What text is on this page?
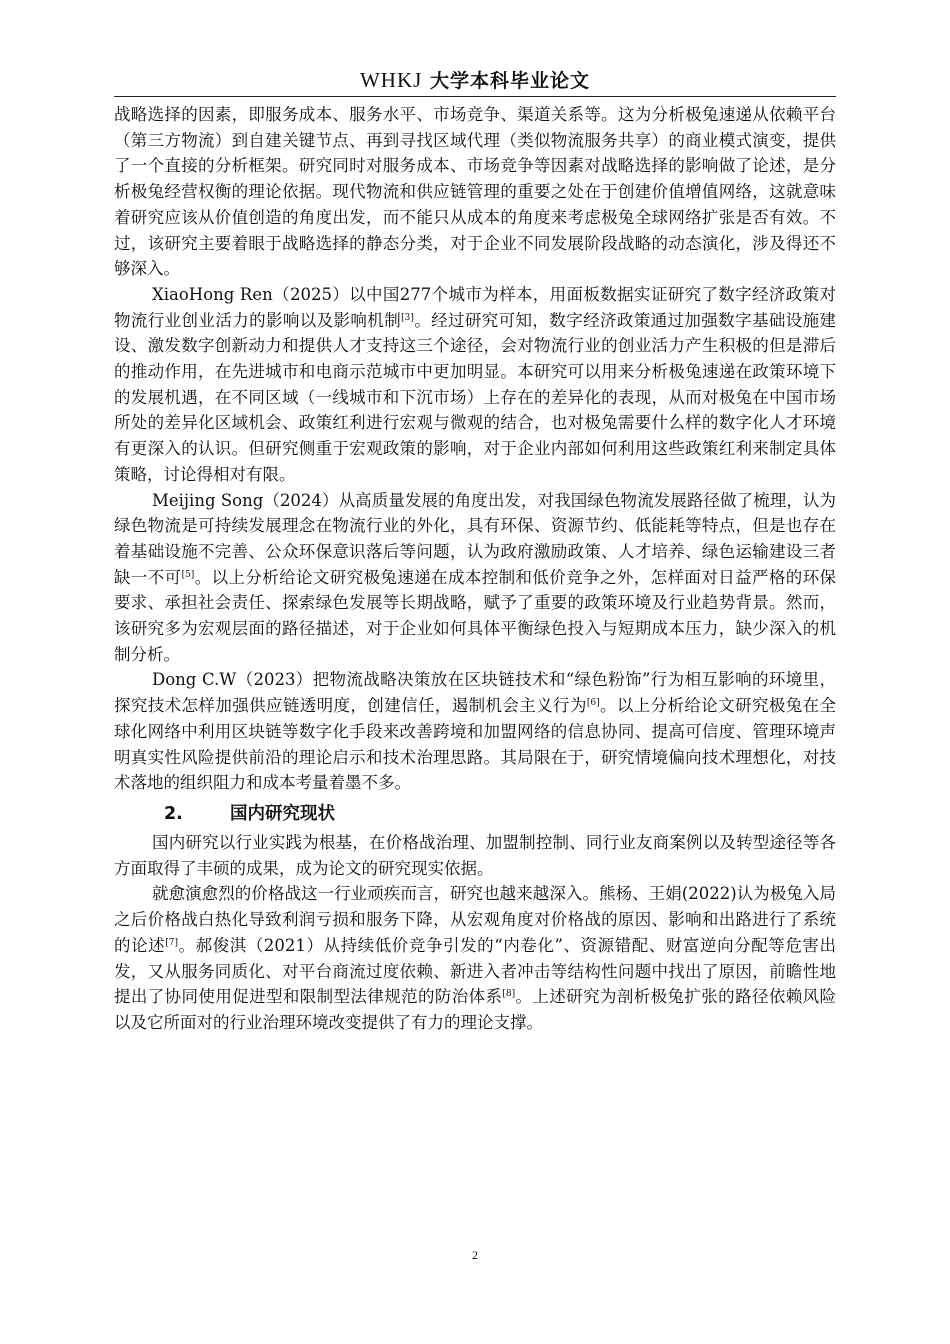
WHKJ 大学本科毕业论文

战略选择的因素，即服务成本、服务水平、市场竞争、渠道关系等。这为分析极兔速递从依赖平台（第三方物流）到自建关键节点、再到寻找区域代理（类似物流服务共享）的商业模式演变，提供了一个直接的分析框架。研究同时对服务成本、市场竞争等因素对战略选择的影响做了论述，是分析极兔经营权衡的理论依据。现代物流和供应链管理的重要之处在于创建价值增值网络，这就意味着研究应该从价值创造的角度出发，而不能只从成本的角度来考虑极兔全球网络扩张是否有效。不过，该研究主要着眼于战略选择的静态分类，对于企业不同发展阶段战略的动态演化，涉及得还不够深入。

XiaoHong Ren（2025）以中国277个城市为样本，用面板数据实证研究了数字经济政策对物流行业创业活力的影响以及影响机制[3]。经过研究可知，数字经济政策通过加强数字基础设施建设、激发数字创新动力和提供人才支持这三个途径，会对物流行业的创业活力产生积极的但是滞后的推动作用，在先进城市和电商示范城市中更加明显。本研究可以用来分析极兔速递在政策环境下的发展机遇，在不同区域（一线城市和下沉市场）上存在的差异化的表现，从而对极兔在中国市场所处的差异化区域机会、政策红利进行宏观与微观的结合，也对极兔需要什么样的数字化人才环境有更深入的认识。但研究侧重于宏观政策的影响，对于企业内部如何利用这些政策红利来制定具体策略，讨论得相对有限。

Meijing Song（2024）从高质量发展的角度出发，对我国绿色物流发展路径做了梳理，认为绿色物流是可持续发展理念在物流行业的外化，具有环保、资源节约、低能耗等特点，但是也存在着基础设施不完善、公众环保意识落后等问题，认为政府激励政策、人才培养、绿色运输建设三者缺一不可[5]。以上分析给论文研究极兔速递在成本控制和低价竞争之外，怎样面对日益严格的环保要求、承担社会责任、探索绿色发展等长期战略，赋予了重要的政策环境及行业趋势背景。然而，该研究多为宏观层面的路径描述，对于企业如何具体平衡绿色投入与短期成本压力，缺少深入的机制分析。

Dong C.W（2023）把物流战略决策放在区块链技术和“绿色粉饰”行为相互影响的环境里，探究技术怎样加强供应链透明度，创建信任，遏制机会主义行为[6]。以上分析给论文研究极兔在全球化网络中利用区块链等数字化手段来改善跨境和加盟网络的信息协同、提高可信度、管理环境声明真实性风险提供前沿的理论启示和技术治理思路。其局限在于，研究情境偏向技术理想化，对技术落地的组织阻力和成本考量着墨不多。

2.	国内研究现状

国内研究以行业实践为根基，在价格战治理、加盟制控制、同行业友商案例以及转型途径等各方面取得了丰硕的成果，成为论文的研究现实依据。

就愈演愈烈的价格战这一行业顽疾而言，研究也越来越深入。熊杨、王娟(2022)认为极兔入局之后价格战白热化导致利润亏损和服务下降，从宏观角度对价格战的原因、影响和出路进行了系统的论述[7]。郝俊淇（2021）从持续低价竞争引发的“内卷化”、资源错配、财富逆向分配等危害出发，又从服务同质化、对平台商流过度依赖、新进入者冲击等结构性问题中找出了原因，前瞻性地提出了协同使用促进型和限制型法律规范的防治体系[8]。上述研究为剖析极兔扩张的路径依赖风险以及它所面对的行业治理环境改变提供了有力的理论支撑。

2
